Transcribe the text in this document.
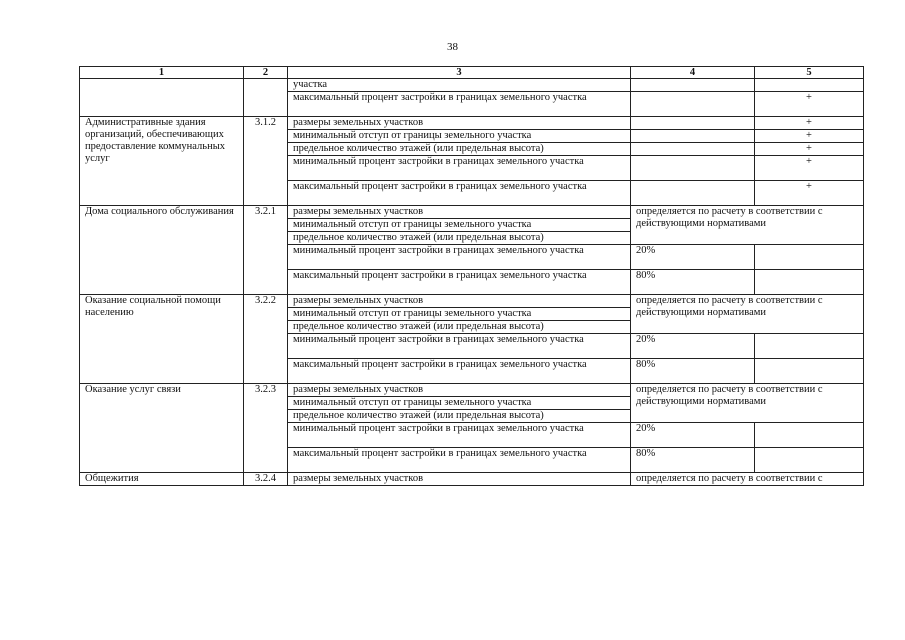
38
1	2	3	4	5
		участка		
		максимальный процент застройки в границах земельного участка		+
Административные здания организаций, обеспечивающих предоставление коммунальных услуг	3.1.2	размеры земельных участков		+
		минимальный отступ от границы земельного участка		+
		предельное количество этажей (или предельная высота)		+
		минимальный процент застройки в границах земельного участка		+
		максимальный процент застройки в границах земельного участка		+
Дома социального обслуживания	3.2.1	размеры земельных участков	определяется по расчету в соответствии с действующими нормативами	
		минимальный отступ от границы земельного участка		
		предельное количество этажей (или предельная высота)		
		минимальный процент застройки в границах земельного участка	20%	
		максимальный процент застройки в границах земельного участка	80%	
Оказание социальной помощи населению	3.2.2	размеры земельных участков	определяется по расчету в соответствии с действующими нормативами	
		минимальный отступ от границы земельного участка		
		предельное количество этажей (или предельная высота)		
		минимальный процент застройки в границах земельного участка	20%	
		максимальный процент застройки в границах земельного участка	80%	
Оказание услуг связи	3.2.3	размеры земельных участков	определяется по расчету в соответствии с действующими нормативами	
		минимальный отступ от границы земельного участка		
		предельное количество этажей (или предельная высота)		
		минимальный процент застройки в границах земельного участка	20%	
		максимальный процент застройки в границах земельного участка	80%	
Общежития	3.2.4	размеры земельных участков	определяется по расчету в соответствии с	
